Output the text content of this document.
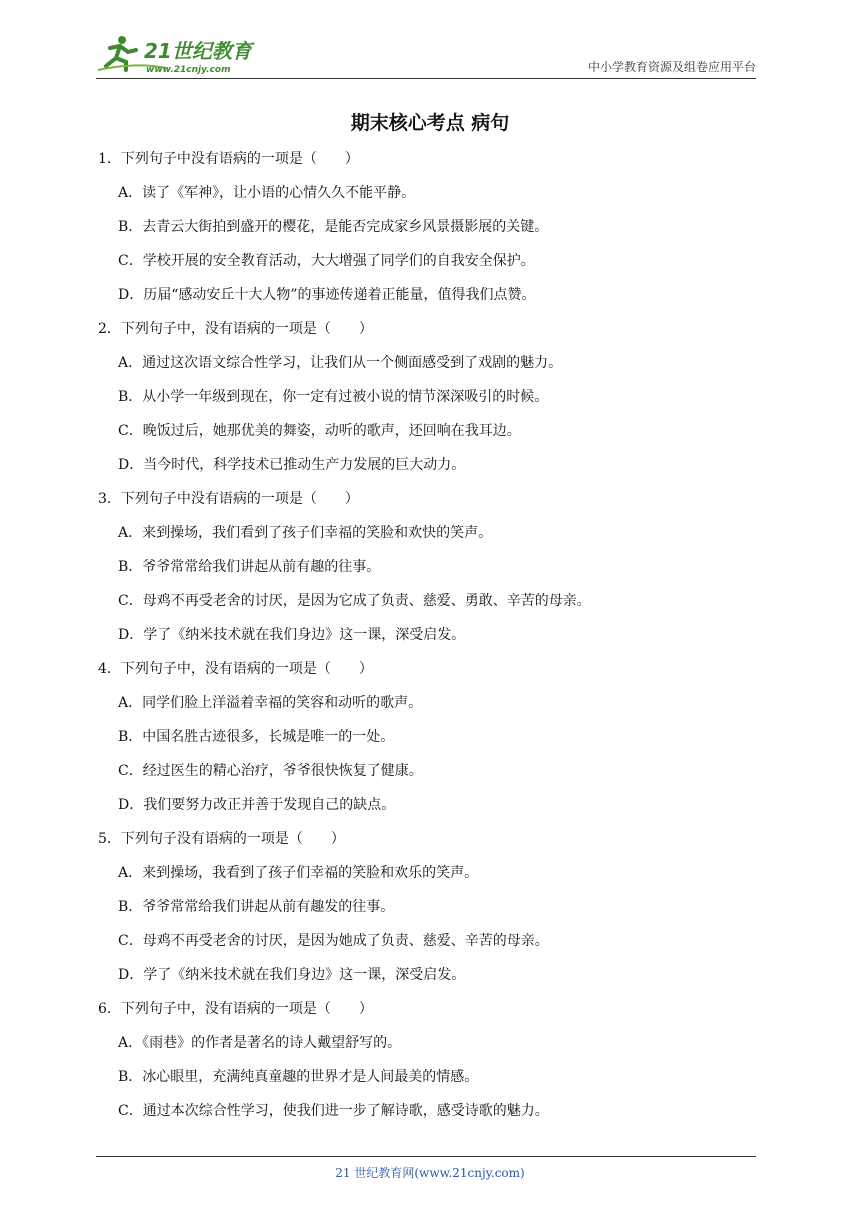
21世纪教育
www.21cnjy.com	中小学教育资源及组卷应用平台
期末核心考点 病句
1．下列句子中没有语病的一项是（　　）
A．读了《军神》，让小语的心情久久不能平静。
B．去青云大街拍到盛开的樱花，是能否完成家乡风景摄影展的关键。
C．学校开展的安全教育活动，大大增强了同学们的自我安全保护。
D．历届“感动安丘十大人物”的事迹传递着正能量，值得我们点赞。
2．下列句子中，没有语病的一项是（　　）
A．通过这次语文综合性学习，让我们从一个侧面感受到了戏剧的魅力。
B．从小学一年级到现在，你一定有过被小说的情节深深吸引的时候。
C．晚饭过后，她那优美的舞姿，动听的歌声，还回响在我耳边。
D．当今时代，科学技术已推动生产力发展的巨大动力。
3．下列句子中没有语病的一项是（　　）
A．来到操场，我们看到了孩子们幸福的笑脸和欢快的笑声。
B．爷爷常常给我们讲起从前有趣的往事。
C．母鸡不再受老舍的讨厌，是因为它成了负责、慈爱、勇敢、辛苦的母亲。
D．学了《纳米技术就在我们身边》这一课，深受启发。
4．下列句子中，没有语病的一项是（　　）
A．同学们脸上洋溢着幸福的笑容和动听的歌声。
B．中国名胜古迹很多，长城是唯一的一处。
C．经过医生的精心治疗，爷爷很快恢复了健康。
D．我们要努力改正并善于发现自己的缺点。
5．下列句子没有语病的一项是（　　）
A．来到操场，我看到了孩子们幸福的笑脸和欢乐的笑声。
B．爷爷常常给我们讲起从前有趣发的往事。
C．母鸡不再受老舍的讨厌，是因为她成了负责、慈爱、辛苦的母亲。
D．学了《纳米技术就在我们身边》这一课，深受启发。
6．下列句子中，没有语病的一项是（　　）
A．《雨巷》的作者是著名的诗人戴望舒写的。
B．冰心眼里，充满纯真童趣的世界才是人间最美的情感。
C．通过本次综合性学习，使我们进一步了解诗歌，感受诗歌的魅力。
21 世纪教育网(www.21cnjy.com)
